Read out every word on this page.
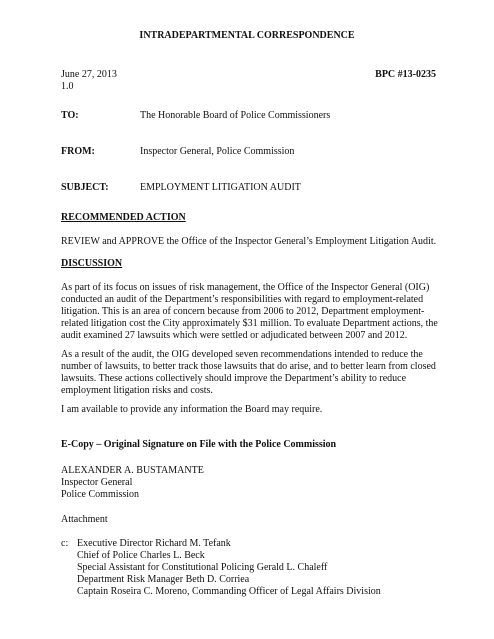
INTRADEPARTMENTAL CORRESPONDENCE
June 27, 2013
1.0
BPC #13-0235
TO:	The Honorable Board of Police Commissioners
FROM:	Inspector General, Police Commission
SUBJECT:	EMPLOYMENT LITIGATION AUDIT
RECOMMENDED ACTION
REVIEW and APPROVE the Office of the Inspector General’s Employment Litigation Audit.
DISCUSSION
As part of its focus on issues of risk management, the Office of the Inspector General (OIG)
conducted an audit of the Department’s responsibilities with regard to employment-related
litigation. This is an area of concern because from 2006 to 2012, Department employment-
related litigation cost the City approximately $31 million. To evaluate Department actions, the
audit examined 27 lawsuits which were settled or adjudicated between 2007 and 2012.
As a result of the audit, the OIG developed seven recommendations intended to reduce the
number of lawsuits, to better track those lawsuits that do arise, and to better learn from closed
lawsuits. These actions collectively should improve the Department’s ability to reduce
employment litigation risks and costs.
I am available to provide any information the Board may require.
E-Copy – Original Signature on File with the Police Commission
ALEXANDER A. BUSTAMANTE
Inspector General
Police Commission
Attachment
c: Executive Director Richard M. Tefank
Chief of Police Charles L. Beck
Special Assistant for Constitutional Policing Gerald L. Chaleff
Department Risk Manager Beth D. Corriea
Captain Roseira C. Moreno, Commanding Officer of Legal Affairs Division
